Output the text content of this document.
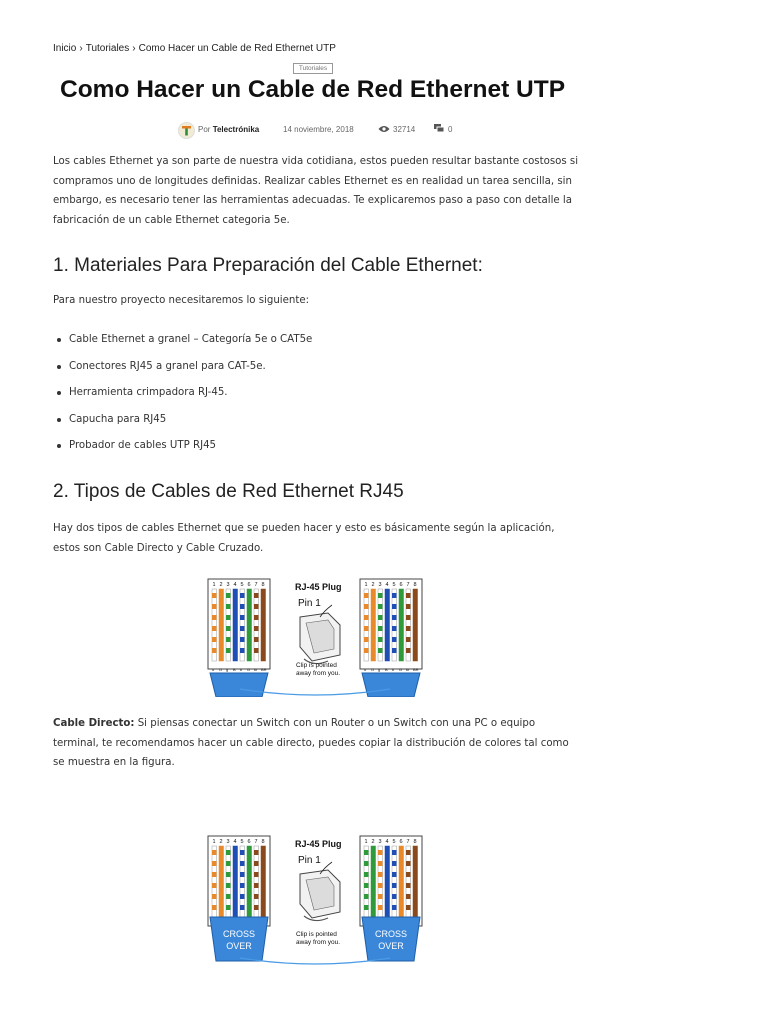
Inicio › Tutoriales › Como Hacer un Cable de Red Ethernet UTP
Tutoriales
Como Hacer un Cable de Red Ethernet UTP
Por Telectrónika	14 noviembre, 2018	32714	0

Los cables Ethernet ya son parte de nuestra vida cotidiana, estos pueden resultar bastante costosos si compramos uno de longitudes definidas. Realizar cables Ethernet es en realidad un tarea sencilla, sin embargo, es necesario tener las herramientas adecuadas. Te explicaremos paso a paso con detalle la fabricación de un cable Ethernet categoria 5e.

1. Materiales Para Preparación del Cable Ethernet:

Para nuestro proyecto necesitaremos lo siguiente:

Cable Ethernet a granel – Categoría 5e o CAT5e
Conectores RJ45 a granel para CAT-5e.
Herramienta crimpadora RJ-45.
Capucha para RJ45
Probador de cables UTP RJ45
2. Tipos de Cables de Red Ethernet RJ45

Hay dos tipos de cables Ethernet que se pueden hacer y esto es básicamente según la aplicación, estos son Cable Directo y Cable Cruzado.

Cable Directo: Si piensas conectar un Switch con un Router o un Switch con una PC o equipo terminal, te recomendamos hacer un cable directo, puedes copiar la distribución de colores tal como se muestra en la figura.

1
o
2
O
3
g
4
B
5
b
6
G
7
br
8
BR
1
o
2
O
3
g
4
B
5
b
6
G
7
br
8
BR
RJ-45 Plug
Pin 1
Clip is pointed
away from you.
1 2 3 4 5 6 7 8
CROSS
OVER
1 2 3 4 5 6 7 8
CROSS
OVER
RJ-45 Plug
Pin 1
Clip is pointed
away from you.
